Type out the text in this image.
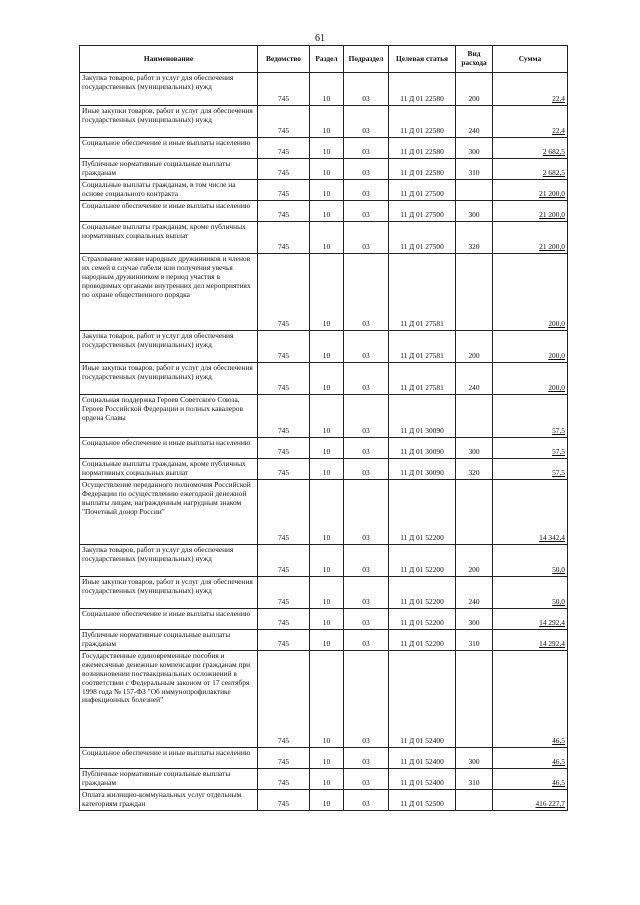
61
Наименование	Ведомство	Раздел	Подраздел	Целевая статья	Вид расхода	Сумма
Закупка товаров, работ и услуг для обеспечения государственных (муниципальных) нужд	745	10	03	11 Д 01 22580	200	22,4
Иные закупки товаров, работ и услуг для обеспечения государственных (муниципальных) нужд	745	10	03	11 Д 01 22580	240	22,4
Социальное обеспечение и иные выплаты населению	745	10	03	11 Д 01 22580	300	2 682,5
Публичные нормативные социальные выплаты гражданам	745	10	03	11 Д 01 22580	310	2 682,5
Социальные выплаты гражданам, в том числе на основе социального контракта	745	10	03	11 Д 01 27500		21 200,0
Социальное обеспечение и иные выплаты населению	745	10	03	11 Д 01 27500	300	21 200,0
Социальные выплаты гражданам, кроме публичных нормативных социальных выплат	745	10	03	11 Д 01 27500	320	21 200,0
Страхование жизни народных дружинников и членов их семей в случае гибели или получения увечья народным дружинником в период участия в проводимых органами внутренних дел мероприятиях по охране общественного порядка	745	10	03	11 Д 01 27581		200,0
Закупка товаров, работ и услуг для обеспечения государственных (муниципальных) нужд	745	10	03	11 Д 01 27581	200	200,0
Иные закупки товаров, работ и услуг для обеспечения государственных (муниципальных) нужд	745	10	03	11 Д 01 27581	240	200,0
Социальная поддержка Героев Советского Союза, Героев Российской Федерации и полных кавалеров ордена Славы	745	10	03	11 Д 01 30090		57,5
Социальное обеспечение и иные выплаты населению	745	10	03	11 Д 01 30090	300	57,5
Социальные выплаты гражданам, кроме публичных нормативных социальных выплат	745	10	03	11 Д 01 30090	320	57,5
Осуществление переданного полномочия Российской Федерации по осуществлению ежегодной денежной выплаты лицам, награжденным нагрудным знаком "Почетный донор России"	745	10	03	11 Д 01 52200		14 342,4
Закупка товаров, работ и услуг для обеспечения государственных (муниципальных) нужд	745	10	03	11 Д 01 52200	200	50,0
Иные закупки товаров, работ и услуг для обеспечения государственных (муниципальных) нужд	745	10	03	11 Д 01 52200	240	50,0
Социальное обеспечение и иные выплаты населению	745	10	03	11 Д 01 52200	300	14 292,4
Публичные нормативные социальные выплаты гражданам	745	10	03	11 Д 01 52200	310	14 292,4
Государственные единовременные пособия и ежемесячные денежные компенсации гражданам при возникновении поствакцинальных осложнений в соответствии с Федеральным законом от 17 сентября 1998 года № 157-ФЗ "Об иммунопрофилактике инфекционных болезней"	745	10	03	11 Д 01 52400		46,5
Социальное обеспечение и иные выплаты населению	745	10	03	11 Д 01 52400	300	46,5
Публичные нормативные социальные выплаты гражданам	745	10	03	11 Д 01 52400	310	46,5
Оплата жилищно-коммунальных услуг отдельным категориям граждан	745	10	03	11 Д 01 52500		416 227,7
